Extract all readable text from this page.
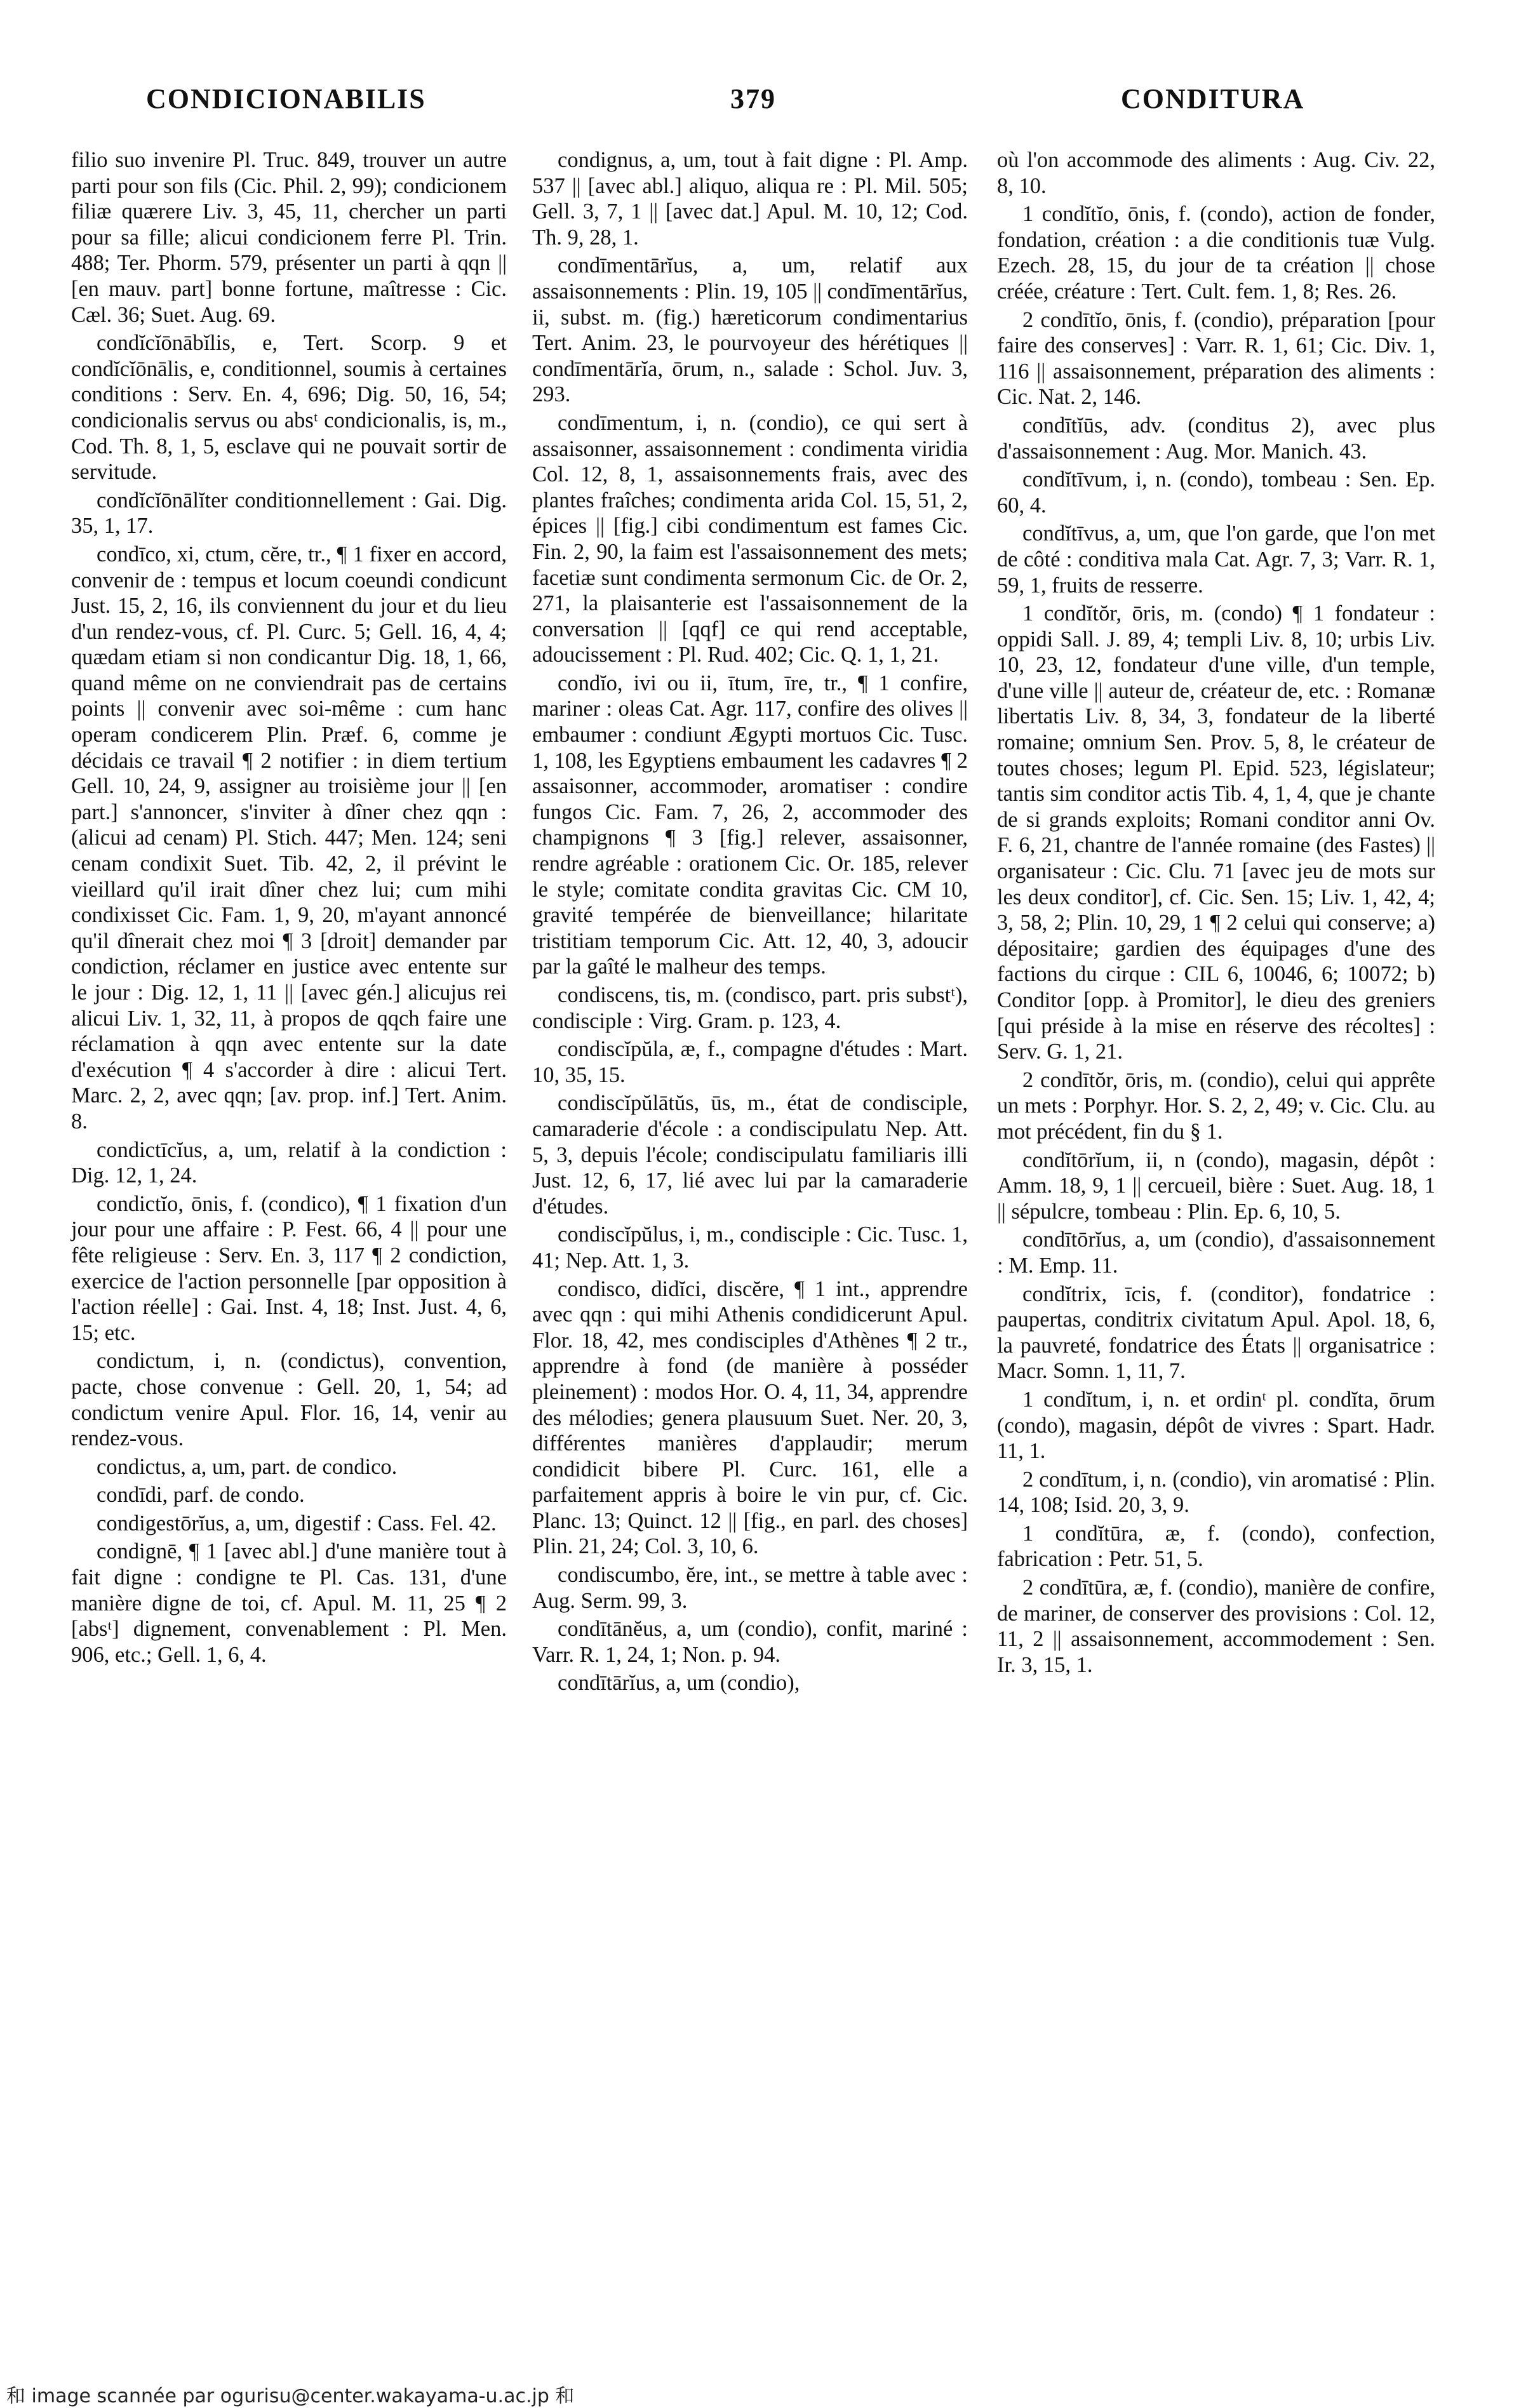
CONDICIONABILIS	379	CONDITURA

filio suo invenire Pl. Truc. 849, trouver un autre parti pour son fils (Cic. Phil. 2, 99); condicionem filiæ quærere Liv. 3, 45, 11, chercher un parti pour sa fille; alicui condicionem ferre Pl. Trin. 488; Ter. Phorm. 579, présenter un parti à qqn || [en mauv. part] bonne fortune, maîtresse : Cic. Cæl. 36; Suet. Aug. 69.

condĭcĭōnābĭlis, e, Tert. Scorp. 9 et condĭcĭōnālis, e, conditionnel, soumis à certaines conditions : Serv. En. 4, 696; Dig. 50, 16, 54; condicionalis servus ou absᵗ condicionalis, is, m., Cod. Th. 8, 1, 5, esclave qui ne pouvait sortir de servitude.

condĭcĭōnālĭter conditionnellement : Gai. Dig. 35, 1, 17.

condīco, xi, ctum, cĕre, tr., ¶ 1 fixer en accord, convenir de : tempus et locum coeundi condicunt Just. 15, 2, 16, ils conviennent du jour et du lieu d'un rendez-vous, cf. Pl. Curc. 5; Gell. 16, 4, 4; quædam etiam si non condicantur Dig. 18, 1, 66, quand même on ne conviendrait pas de certains points || convenir avec soi-même : cum hanc operam condicerem Plin. Præf. 6, comme je décidais ce travail ¶ 2 notifier : in diem tertium Gell. 10, 24, 9, assigner au troisième jour || [en part.] s'annoncer, s'inviter à dîner chez qqn : (alicui ad cenam) Pl. Stich. 447; Men. 124; seni cenam condixit Suet. Tib. 42, 2, il prévint le vieillard qu'il irait dîner chez lui; cum mihi condixisset Cic. Fam. 1, 9, 20, m'ayant annoncé qu'il dînerait chez moi ¶ 3 [droit] demander par condiction, réclamer en justice avec entente sur le jour : Dig. 12, 1, 11 || [avec gén.] alicujus rei alicui Liv. 1, 32, 11, à propos de qqch faire une réclamation à qqn avec entente sur la date d'exécution ¶ 4 s'accorder à dire : alicui Tert. Marc. 2, 2, avec qqn; [av. prop. inf.] Tert. Anim. 8.

condictīcĭus, a, um, relatif à la condiction : Dig. 12, 1, 24.

condictĭo, ōnis, f. (condico), ¶ 1 fixation d'un jour pour une affaire : P. Fest. 66, 4 || pour une fête religieuse : Serv. En. 3, 117 ¶ 2 condiction, exercice de l'action personnelle [par opposition à l'action réelle] : Gai. Inst. 4, 18; Inst. Just. 4, 6, 15; etc.

condictum, i, n. (condictus), convention, pacte, chose convenue : Gell. 20, 1, 54; ad condictum venire Apul. Flor. 16, 14, venir au rendez-vous.

condictus, a, um, part. de condico.

condīdi, parf. de condo.

condigestōrĭus, a, um, digestif : Cass. Fel. 42.

condignē, ¶ 1 [avec abl.] d'une manière tout à fait digne : condigne te Pl. Cas. 131, d'une manière digne de toi, cf. Apul. M. 11, 25 ¶ 2 [absᵗ] dignement, convenablement : Pl. Men. 906, etc.; Gell. 1, 6, 4.

condignus, a, um, tout à fait digne : Pl. Amp. 537 || [avec abl.] aliquo, aliqua re : Pl. Mil. 505; Gell. 3, 7, 1 || [avec dat.] Apul. M. 10, 12; Cod. Th. 9, 28, 1.

condīmentārĭus, a, um, relatif aux assaisonnements : Plin. 19, 105 || condīmentārĭus, ii, subst. m. (fig.) hæreticorum condimentarius Tert. Anim. 23, le pourvoyeur des hérétiques || condīmentārĭa, ōrum, n., salade : Schol. Juv. 3, 293.

condīmentum, i, n. (condio), ce qui sert à assaisonner, assaisonnement : condimenta viridia Col. 12, 8, 1, assaisonnements frais, avec des plantes fraîches; condimenta arida Col. 15, 51, 2, épices || [fig.] cibi condimentum est fames Cic. Fin. 2, 90, la faim est l'assaisonnement des mets; facetiæ sunt condimenta sermonum Cic. de Or. 2, 271, la plaisanterie est l'assaisonnement de la conversation || [qqf] ce qui rend acceptable, adoucissement : Pl. Rud. 402; Cic. Q. 1, 1, 21.

condĭo, ivi ou ii, ītum, īre, tr., ¶ 1 confire, mariner : oleas Cat. Agr. 117, confire des olives || embaumer : condiunt Ægypti mortuos Cic. Tusc. 1, 108, les Egyptiens embaument les cadavres ¶ 2 assaisonner, accommoder, aromatiser : condire fungos Cic. Fam. 7, 26, 2, accommoder des champignons ¶ 3 [fig.] relever, assaisonner, rendre agréable : orationem Cic. Or. 185, relever le style; comitate condita gravitas Cic. CM 10, gravité tempérée de bienveillance; hilaritate tristitiam temporum Cic. Att. 12, 40, 3, adoucir par la gaîté le malheur des temps.

condiscens, tis, m. (condisco, part. pris substᵗ), condisciple : Virg. Gram. p. 123, 4.

condiscĭpŭla, æ, f., compagne d'études : Mart. 10, 35, 15.

condiscĭpŭlātŭs, ūs, m., état de condisciple, camaraderie d'école : a condiscipulatu Nep. Att. 5, 3, depuis l'école; condiscipulatu familiaris illi Just. 12, 6, 17, lié avec lui par la camaraderie d'études.

condiscĭpŭlus, i, m., condisciple : Cic. Tusc. 1, 41; Nep. Att. 1, 3.

condisco, didĭci, discĕre, ¶ 1 int., apprendre avec qqn : qui mihi Athenis condidicerunt Apul. Flor. 18, 42, mes condisciples d'Athènes ¶ 2 tr., apprendre à fond (de manière à posséder pleinement) : modos Hor. O. 4, 11, 34, apprendre des mélodies; genera plausuum Suet. Ner. 20, 3, différentes manières d'applaudir; merum condidicit bibere Pl. Curc. 161, elle a parfaitement appris à boire le vin pur, cf. Cic. Planc. 13; Quinct. 12 || [fig., en parl. des choses] Plin. 21, 24; Col. 3, 10, 6.

condiscumbo, ĕre, int., se mettre à table avec : Aug. Serm. 99, 3.

condītānĕus, a, um (condio), confit, mariné : Varr. R. 1, 24, 1; Non. p. 94.

condītārĭus, a, um (condio),

où l'on accommode des aliments : Aug. Civ. 22, 8, 10.

1 condĭtĭo, ōnis, f. (condo), action de fonder, fondation, création : a die conditionis tuæ Vulg. Ezech. 28, 15, du jour de ta création || chose créée, créature : Tert. Cult. fem. 1, 8; Res. 26.

2 condītĭo, ōnis, f. (condio), préparation [pour faire des conserves] : Varr. R. 1, 61; Cic. Div. 1, 116 || assaisonnement, préparation des aliments : Cic. Nat. 2, 146.

condītĭūs, adv. (conditus 2), avec plus d'assaisonnement : Aug. Mor. Manich. 43.

condĭtīvum, i, n. (condo), tombeau : Sen. Ep. 60, 4.

condĭtīvus, a, um, que l'on garde, que l'on met de côté : conditiva mala Cat. Agr. 7, 3; Varr. R. 1, 59, 1, fruits de resserre.

1 condĭtŏr, ōris, m. (condo) ¶ 1 fondateur : oppidi Sall. J. 89, 4; templi Liv. 8, 10; urbis Liv. 10, 23, 12, fondateur d'une ville, d'un temple, d'une ville || auteur de, créateur de, etc. : Romanæ libertatis Liv. 8, 34, 3, fondateur de la liberté romaine; omnium Sen. Prov. 5, 8, le créateur de toutes choses; legum Pl. Epid. 523, législateur; tantis sim conditor actis Tib. 4, 1, 4, que je chante de si grands exploits; Romani conditor anni Ov. F. 6, 21, chantre de l'année romaine (des Fastes) || organisateur : Cic. Clu. 71 [avec jeu de mots sur les deux conditor], cf. Cic. Sen. 15; Liv. 1, 42, 4; 3, 58, 2; Plin. 10, 29, 1 ¶ 2 celui qui conserve; a) dépositaire; gardien des équipages d'une des factions du cirque : CIL 6, 10046, 6; 10072; b) Conditor [opp. à Promitor], le dieu des greniers [qui préside à la mise en réserve des récoltes] : Serv. G. 1, 21.

2 condītŏr, ōris, m. (condio), celui qui apprête un mets : Porphyr. Hor. S. 2, 2, 49; v. Cic. Clu. au mot précédent, fin du § 1.

condĭtōrĭum, ii, n (condo), magasin, dépôt : Amm. 18, 9, 1 || cercueil, bière : Suet. Aug. 18, 1 || sépulcre, tombeau : Plin. Ep. 6, 10, 5.

condītōrĭus, a, um (condio), d'assaisonnement : M. Emp. 11.

condĭtrix, īcis, f. (conditor), fondatrice : paupertas, conditrix civitatum Apul. Apol. 18, 6, la pauvreté, fondatrice des États || organisatrice : Macr. Somn. 1, 11, 7.

1 condĭtum, i, n. et ordinᵗ pl. condĭta, ōrum (condo), magasin, dépôt de vivres : Spart. Hadr. 11, 1.

2 condītum, i, n. (condio), vin aromatisé : Plin. 14, 108; Isid. 20, 3, 9.

1 condĭtūra, æ, f. (condo), confection, fabrication : Petr. 51, 5.

2 condītūra, æ, f. (condio), manière de confire, de mariner, de conserver des provisions : Col. 12, 11, 2 || assaisonnement, accommodement : Sen. Ir. 3, 15, 1.

和 image scannée par ogurisu@center.wakayama-u.ac.jp 和
